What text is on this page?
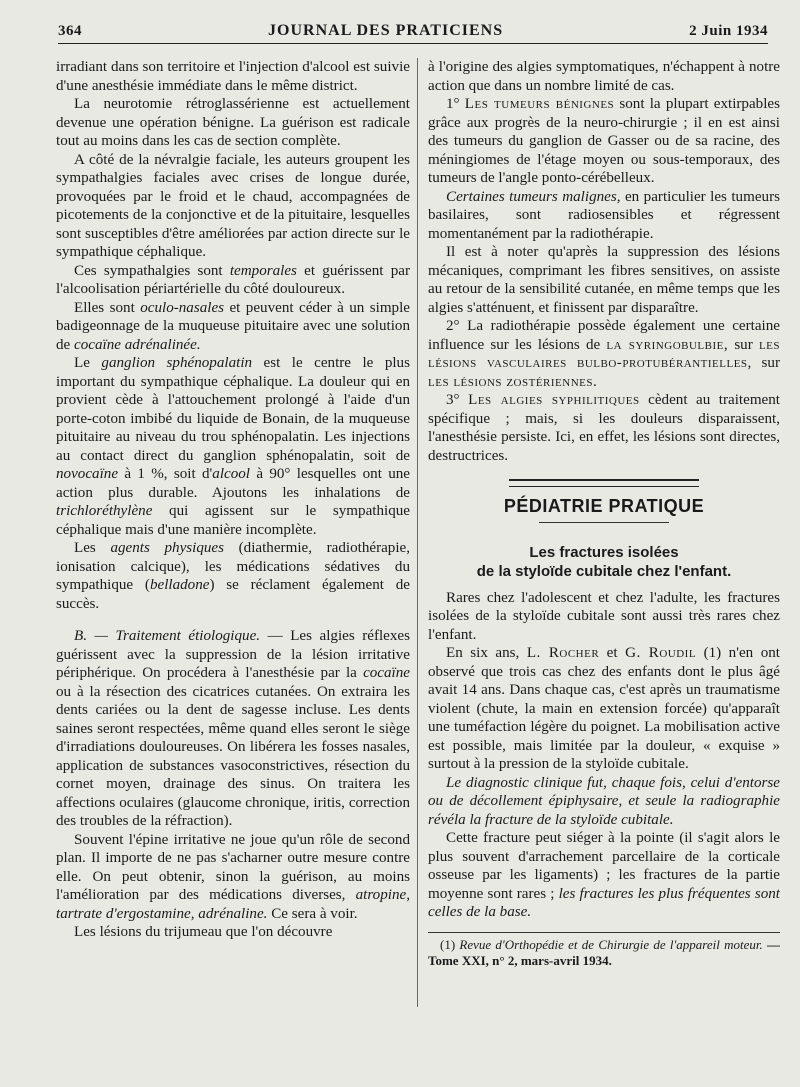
364	JOURNAL DES PRATICIENS	2 Juin 1934

irradiant dans son territoire et l'injection d'alcool est suivie d'une anesthésie immédiate dans le même district.

La neurotomie rétroglassérienne est actuellement devenue une opération bénigne. La guérison est radicale tout au moins dans les cas de section complète.

A côté de la névralgie faciale, les auteurs groupent les sympathalgies faciales avec crises de longue durée, provoquées par le froid et le chaud, accompagnées de picotements de la conjonctive et de la pituitaire, lesquelles sont susceptibles d'être améliorées par action directe sur le sympathique céphalique.

Ces sympathalgies sont temporales et guérissent par l'alcoolisation périartérielle du côté douloureux.

Elles sont oculo-nasales et peuvent céder à un simple badigeonnage de la muqueuse pituitaire avec une solution de cocaïne adrénalinée.

Le ganglion sphénopalatin est le centre le plus important du sympathique céphalique. La douleur qui en provient cède à l'attouchement prolongé à l'aide d'un porte-coton imbibé du liquide de Bonain, de la muqueuse pituitaire au niveau du trou sphénopalatin. Les injections au contact direct du ganglion sphénopalatin, soit de novocaïne à 1 %, soit d'alcool à 90° lesquelles ont une action plus durable. Ajoutons les inhalations de trichloréthylène qui agissent sur le sympathique céphalique mais d'une manière incomplète.

Les agents physiques (diathermie, radiothérapie, ionisation calcique), les médications sédatives du sympathique (belladone) se réclament également de succès.

B. — Traitement étiologique. — Les algies réflexes guérissent avec la suppression de la lésion irritative périphérique. On procédera à l'anesthésie par la cocaïne ou à la résection des cicatrices cutanées. On extraira les dents cariées ou la dent de sagesse incluse. Les dents saines seront respectées, même quand elles seront le siège d'irradiations douloureuses. On libérera les fosses nasales, application de substances vasoconstrictives, résection du cornet moyen, drainage des sinus. On traitera les affections oculaires (glaucome chronique, iritis, correction des troubles de la réfraction).

Souvent l'épine irritative ne joue qu'un rôle de second plan. Il importe de ne pas s'acharner outre mesure contre elle. On peut obtenir, sinon la guérison, au moins l'amélioration par des médications diverses, atropine, tartrate d'ergostamine, adrénaline. Ce sera à voir.

Les lésions du trijumeau que l'on découvre

à l'origine des algies symptomatiques, n'échappent à notre action que dans un nombre limité de cas.

1° Les tumeurs bénignes sont la plupart extirpables grâce aux progrès de la neuro-chirurgie ; il en est ainsi des tumeurs du ganglion de Gasser ou de sa racine, des méningiomes de l'étage moyen ou sous-temporaux, des tumeurs de l'angle ponto-cérébelleux.

Certaines tumeurs malignes, en particulier les tumeurs basilaires, sont radiosensibles et régressent momentanément par la radiothérapie.

Il est à noter qu'après la suppression des lésions mécaniques, comprimant les fibres sensitives, on assiste au retour de la sensibilité cutanée, en même temps que les algies s'atténuent, et finissent par disparaître.

2° La radiothérapie possède également une certaine influence sur les lésions de la syringobulbie, sur les lésions vasculaires bulbo-protubérantielles, sur les lésions zostériennes.

3° Les algies syphilitiques cèdent au traitement spécifique ; mais, si les douleurs disparaissent, l'anesthésie persiste. Ici, en effet, les lésions sont directes, destructrices.

PÉDIATRIE PRATIQUE
Les fractures isolées
de la styloïde cubitale chez l'enfant.

Rares chez l'adolescent et chez l'adulte, les fractures isolées de la styloïde cubitale sont aussi très rares chez l'enfant.

En six ans, L. Rocher et G. Roudil (1) n'en ont observé que trois cas chez des enfants dont le plus âgé avait 14 ans. Dans chaque cas, c'est après un traumatisme violent (chute, la main en extension forcée) qu'apparaît une tuméfaction légère du poignet. La mobilisation active est possible, mais limitée par la douleur, « exquise » surtout à la pression de la styloïde cubitale.

Le diagnostic clinique fut, chaque fois, celui d'entorse ou de décollement épiphysaire, et seule la radiographie révéla la fracture de la styloïde cubitale.

Cette fracture peut siéger à la pointe (il s'agit alors le plus souvent d'arrachement parcellaire de la corticale osseuse par les ligaments) ; les fractures de la partie moyenne sont rares ; les fractures les plus fréquentes sont celles de la base.

(1) Revue d'Orthopédie et de Chirurgie de l'appareil moteur. — Tome XXI, n° 2, mars-avril 1934.
